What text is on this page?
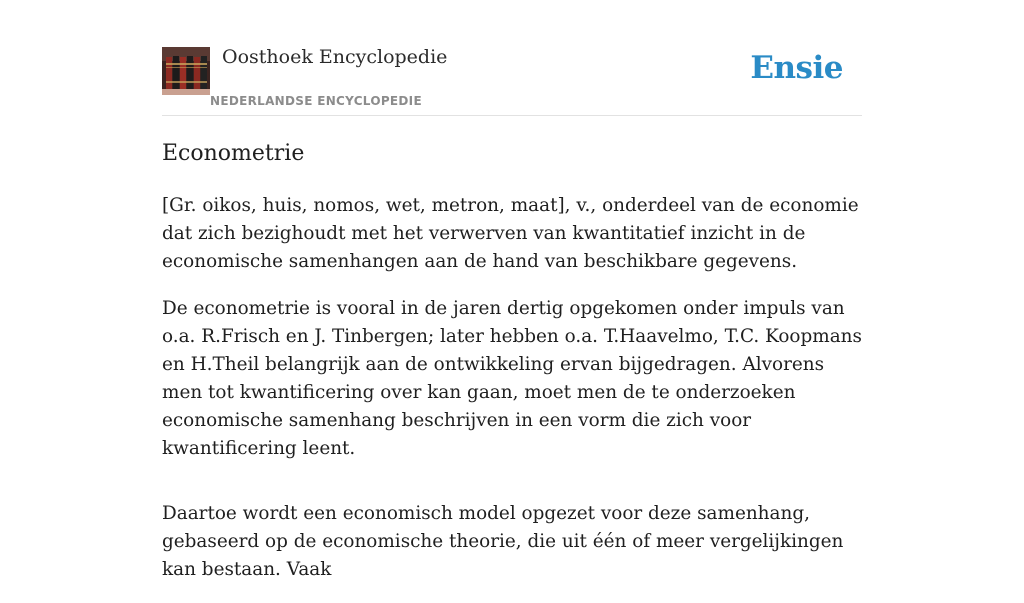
Oosthoek Encyclopedie
NEDERLANDSE ENCYCLOPEDIE
Ensie
Econometrie

[Gr. oikos, huis, nomos, wet, metron, maat], v., onderdeel van de economie dat zich bezighoudt met het verwerven van kwantitatief inzicht in de economische samenhangen aan de hand van beschikbare gegevens.

De econometrie is vooral in de jaren dertig opgekomen onder impuls van o.a. R.Frisch en J. Tinbergen; later hebben o.a. T.Haavelmo, T.C. Koopmans en H.Theil belangrijk aan de ontwikkeling ervan bijgedragen. Alvorens men tot kwantificering over kan gaan, moet men de te onderzoeken economische samenhang beschrijven in een vorm die zich voor kwantificering leent.

Daartoe wordt een economisch model opgezet voor deze samenhang, gebaseerd op de economische theorie, die uit één of meer vergelijkingen kan bestaan. Vaak
